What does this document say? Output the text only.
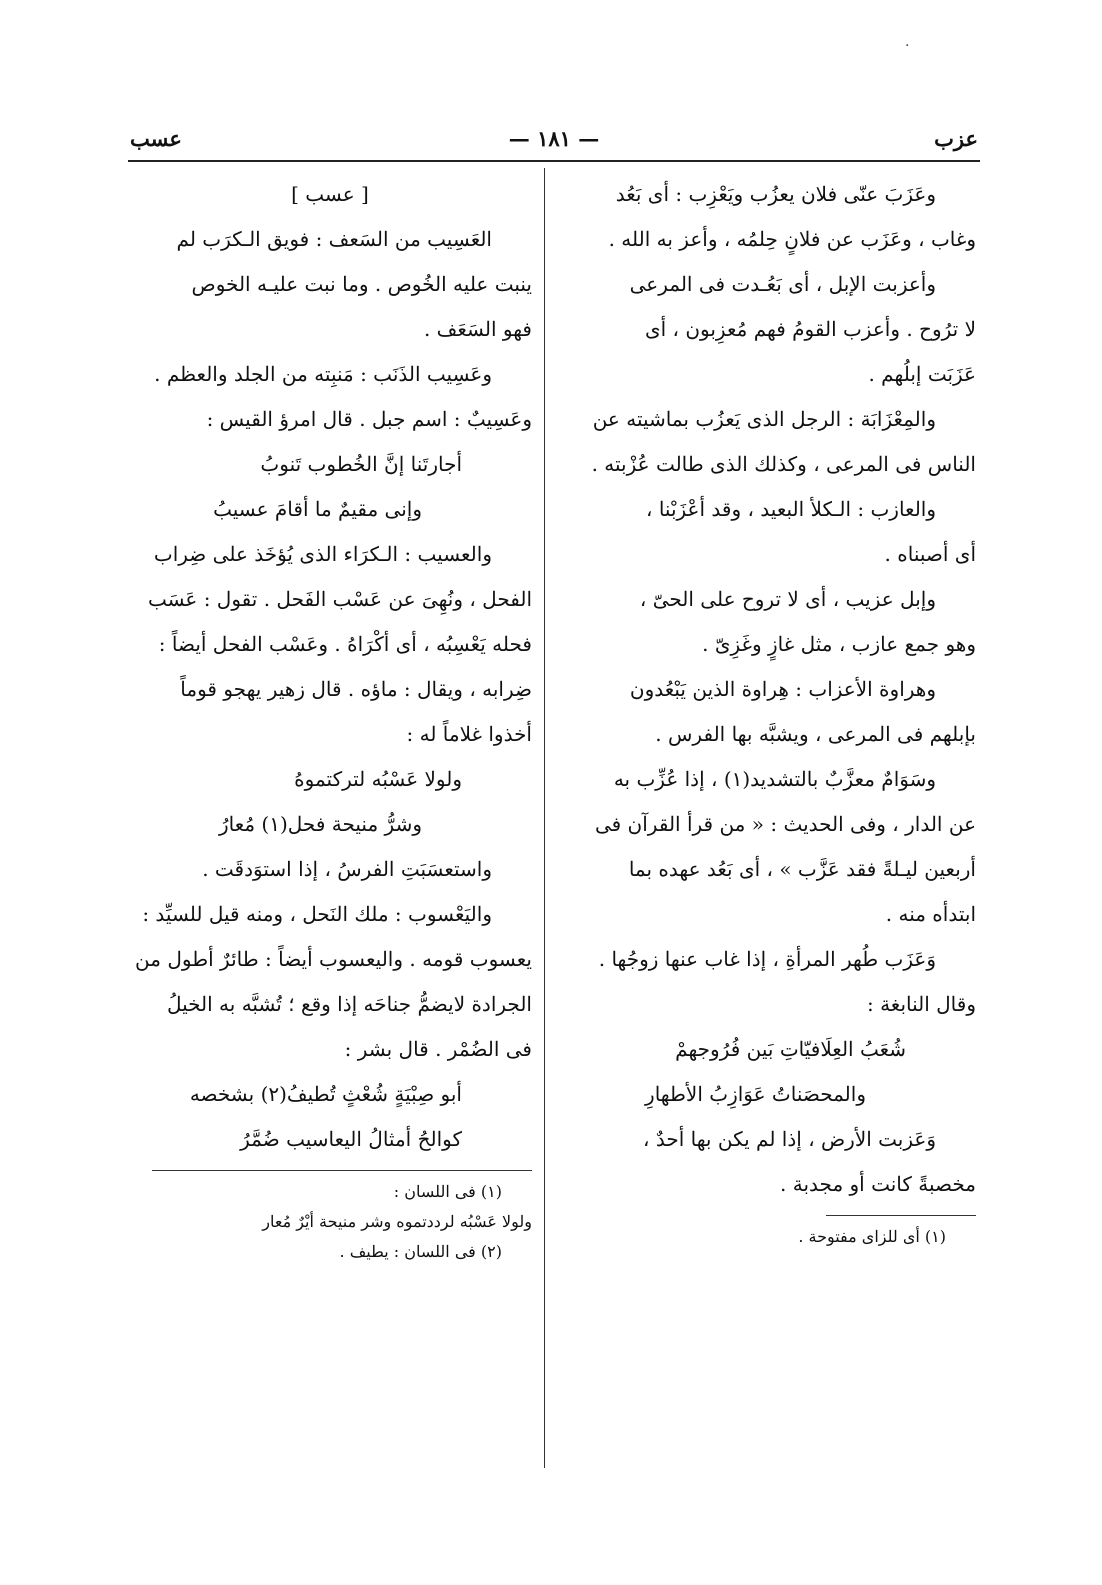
·
عزب
— ١٨١ —
عسب
وعَزَبَ عنّى فلان يعزُب ويَعْزِب : أى بَعُد
وغاب ، وعَزَب عن فلانٍ حِلمُه ، وأعز به الله .
وأعزبت الإبل ، أى بَعُـدت فى المرعى
لا ترُوح . وأعزب القومُ فهم مُعزِبون ، أى
عَزَبَت إبلُهم .
والمِعْزَابَة : الرجل الذى يَعزُب بماشيته عن
الناس فى المرعى ، وكذلك الذى طالت عُزْبته .
والعازب : الـكلأ البعيد ، وقد أعْزَبْنا ،
أى أصبناه .
وإبل عزيب ، أى لا تروح على الحىّ ،
وهو جمع عازب ، مثل غازٍ وغَزِىّ .
وهراوة الأعزاب : هِراوة الذين يَبْعُدون
بإبلهم فى المرعى ، ويشبَّه بها الفرس .
وسَوَامٌ معزَّبٌ بالتشديد(١) ، إذا عُزِّب به
عن الدار ، وفى الحديث : « من قرأ القرآن فى
أربعين ليـلةً فقد عَزَّب » ، أى بَعُد عهده بما
ابتدأه منه .
وَعَزَب طُهر المرأةِ ، إذا غاب عنها زوجُها .
وقال النابغة :
شُعَبُ العِلَافيّاتِ بَين فُرُوجهمْ
والمحصَناتُ عَوَازِبُ الأطهارِ
وَعَزبت الأرض ، إذا لم يكن بها أحدٌ ،
مخصبةً كانت أو مجدبة .
(١) أى للزاى مفتوحة .
[ عسب ]
العَسِيب من السَعف : فويق الـكرَب لم
ينبت عليه الخُوص . وما نبت عليـه الخوص
فهو السَعَف .
وعَسِيب الذَنَب : مَنبِته من الجلد والعظم .
وعَسِيبٌ : اسم جبل . قال امرؤ القيس :
أجارتَنا إنَّ الخُطوب تَنوبُ
وإنى مقيمٌ ما أقامَ عسيبُ
والعسيب : الـكرَاء الذى يُؤخَذ على ضِراب
الفحل ، ونُهِىَ عن عَسْب الفَحل . تقول : عَسَب
فحله يَعْسِبُه ، أى أكْرَاهُ . وعَسْب الفحل أيضاً :
ضِرابه ، ويقال : ماؤه . قال زهير يهجو قوماً
أخذوا غلاماً له :
ولولا عَسْبُه لتركتموهُ
وشرُّ منيحة فحل(١) مُعارُ
واستعسَبَتِ الفرسُ ، إذا استوَدقَت .
واليَعْسوب : ملك النَحل ، ومنه قيل للسيِّد :
يعسوب قومه . واليعسوب أيضاً : طائرٌ أطول من
الجرادة لايضمُّ جناحَه إذا وقع ؛ تُشبَّه به الخيلُ
فى الضُمْر . قال بشر :
أبو صِبْيَةٍ شُعْثٍ تُطيفُ(٢) بشخصه
كوالحُ أمثالُ اليعاسيب ضُمَّرُ
(١) فى اللسان :
ولولا عَسْبُه لرددتموه وشر منيحة أيْرٌ مُعار
(٢) فى اللسان : يطيف .
